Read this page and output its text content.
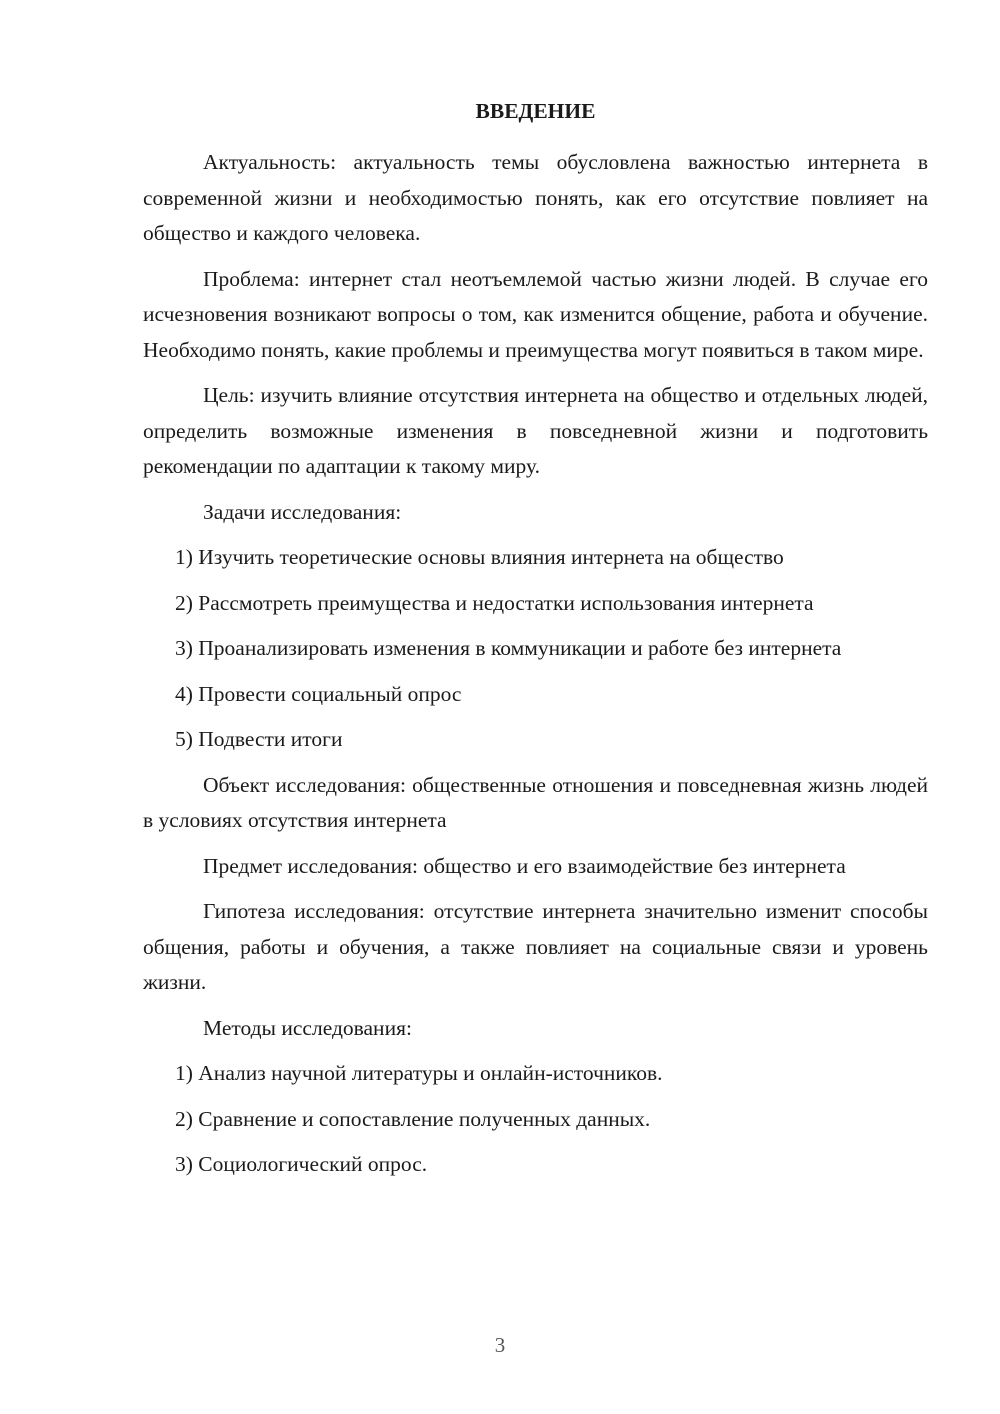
ВВЕДЕНИЕ

Актуальность: актуальность темы обусловлена важностью интернета в современной жизни и необходимостью понять, как его отсутствие повлияет на общество и каждого человека.

Проблема: интернет стал неотъемлемой частью жизни людей. В случае его исчезновения возникают вопросы о том, как изменится общение, работа и обучение. Необходимо понять, какие проблемы и преимущества могут появиться в таком мире.

Цель: изучить влияние отсутствия интернета на общество и отдельных людей, определить возможные изменения в повседневной жизни и подготовить рекомендации по адаптации к такому миру.

Задачи исследования:

1) Изучить теоретические основы влияния интернета на общество

2) Рассмотреть преимущества и недостатки использования интернета

3) Проанализировать изменения в коммуникации и работе без интернета

4) Провести социальный опрос

5) Подвести итоги

Объект исследования: общественные отношения и повседневная жизнь людей в условиях отсутствия интернета

Предмет исследования: общество и его взаимодействие без интернета

Гипотеза исследования: отсутствие интернета значительно изменит способы общения, работы и обучения, а также повлияет на социальные связи и уровень жизни.

Методы исследования:

1) Анализ научной литературы и онлайн-источников.

2) Сравнение и сопоставление полученных данных.

3) Социологический опрос.

3
